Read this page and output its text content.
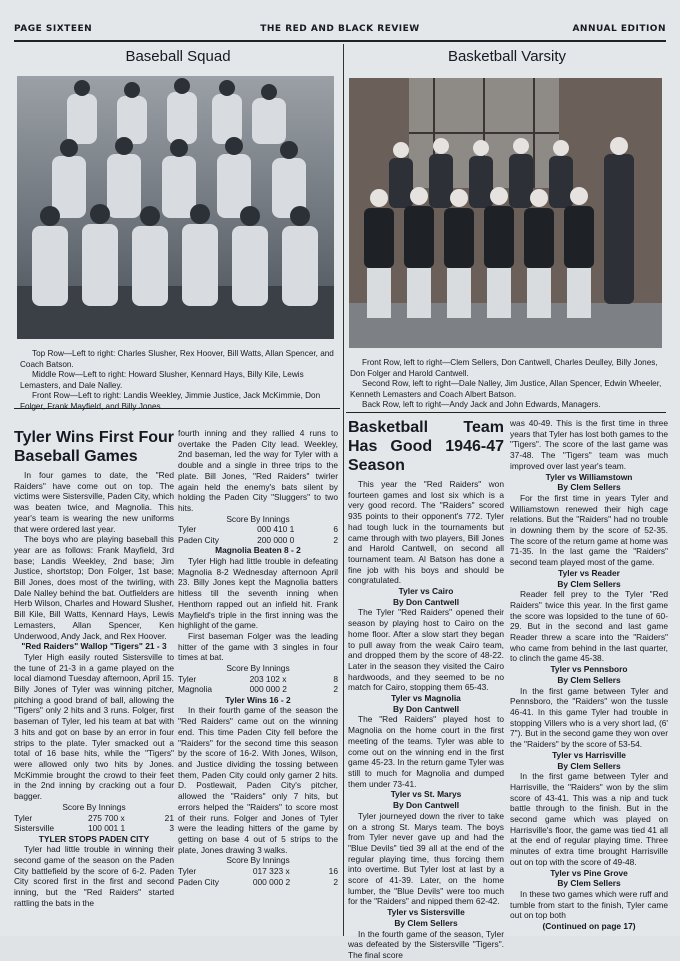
PAGE SIXTEEN	THE RED AND BLACK REVIEW	ANNUAL EDITION
Baseball Squad

Top Row—Left to right: Charles Slusher, Rex Hoover, Bill Watts, Allan Spencer, and Coach Batson.

Middle Row—Left to right: Howard Slusher, Kennard Hays, Billy Kile, Lewis Lemasters, and Dale Nalley.

Front Row—Left to right: Landis Weekley, Jimmie Justice, Jack McKimmie, Don Folger, Frank Mayfield, and Billy Jones.

Basketball Varsity

Front Row, left to right—Clem Sellers, Don Cantwell, Charles Deulley, Billy Jones, Don Folger and Harold Cantwell.

Second Row, left to right—Dale Nalley, Jim Justice, Allan Spencer, Edwin Wheeler, Kenneth Lemasters and Coach Albert Batson.

Back Row, left to right—Andy Jack and John Edwards, Managers.

Tyler Wins First Four Baseball Games

In four games to date, the "Red Raiders" have come out on top. The victims were Sistersville, Paden City, which was beaten twice, and Magnolia. This year's team is wearing the new uniforms that were ordered last year.

The boys who are playing baseball this year are as follows: Frank Mayfield, 3rd base; Landis Weekley, 2nd base; Jim Justice, shortstop; Don Folger, 1st base; Bill Jones, does most of the twirling, with Dale Nalley behind the bat. Outfielders are Herb Wilson, Charles and Howard Slusher, Bill Kile, Bill Watts, Kennard Hays, Lewis Lemasters, Allan Spencer, Ken Underwood, Andy Jack, and Rex Hoover.

"Red Raiders" Wallop "Tigers" 21 - 3

Tyler High easily routed Sistersville to the tune of 21-3 in a game played on the local diamond Tuesday afternoon, April 15. Billy Jones of Tyler was winning pitcher, pitching a good brand of ball, allowing the "Tigers" only 2 hits and 3 runs. Folger, first baseman of Tyler, led his team at bat with 3 hits and got on base by an error in four strips to the plate. Tyler smacked out a total of 16 base hits, while the "Tigers" were allowed only two hits by Jones. McKimmie brought the crowd to their feet in the 2nd inning by cracking out a four bagger.

Score By Innings
Tyler	275 700 x	21
Sistersville	100 001 1	3
TYLER STOPS PADEN CITY

Tyler had little trouble in winning their second game of the season on the Paden City battlefield by the score of 6-2. Paden City scored first in the first and second inning, but the "Red Raiders" started rattling the bats in the

fourth inning and they rallied 4 runs to overtake the Paden City lead. Weekley, 2nd baseman, led the way for Tyler with a double and a single in three trips to the plate. Bill Jones, "Red Raiders" twirler again held the enemy's bats silent by holding the Paden City "Sluggers" to two hits.

Score By Innings
Tyler	000 410 1	6
Paden City	200 000 0	2
Magnolia Beaten 8 - 2

Tyler High had little trouble in defeating Magnolia 8-2 Wednesday afternoon April 23. Billy Jones kept the Magnolia batters hitless till the seventh inning when Henthorn rapped out an infield hit. Frank Mayfield's triple in the first inning was the highlight of the game.

First baseman Folger was the leading hitter of the game with 3 singles in four times at bat.

Score By Innings
Tyler	203 102 x	8
Magnolia	000 000 2	2
Tyler Wins 16 - 2

In their fourth game of the season the "Red Raiders" came out on the winning end. This time Paden City fell before the "Raiders" for the second time this season by the score of 16-2. With Jones, Wilson, and Justice dividing the tossing between them, Paden City could only garner 2 hits. D. Postlewait, Paden City's pitcher, allowed the "Raiders" only 7 hits, but errors helped the "Raiders" to score most of their runs. Folger and Jones of Tyler were the leading hitters of the game by getting on base 4 out of 5 strips to the plate, Jones drawing 3 walks.

Score By Innings
Tyler	017 323 x	16
Paden City	000 000 2	2
Basketball Team Has Good 1946-47 Season

This year the "Red Raiders" won fourteen games and lost six which is a very good record. The "Raiders" scored 935 points to their opponent's 772. Tyler had tough luck in the tournaments but came through with two players, Bill Jones and Harold Cantwell, on second all tournament team. Al Batson has done a fine job with his boys and should be congratulated.

Tyler vs Cairo
By Don Cantwell

The Tyler "Red Raiders" opened their season by playing host to Cairo on the home floor. After a slow start they began to pull away from the weak Cairo team, and dropped them by the score of 48-22. Later in the season they visited the Cairo hardwoods, and they seemed to be no match for Cairo, stopping them 65-43.

Tyler vs Magnolia
By Don Cantwell

The "Red Raiders" played host to Magnolia on the home court in the first meeting of the teams. Tyler was able to come out on the winning end in the first game 45-23. In the return game Tyler was still to much for Magnolia and dumped them under 73-41.

Tyler vs St. Marys
By Don Cantwell

Tyler journeyed down the river to take on a strong St. Marys team. The boys from Tyler never gave up and had the "Blue Devils" tied 39 all at the end of the regular playing time, thus forcing them into overtime. But Tyler lost at last by a score of 41-39. Later, on the home lumber, the "Blue Devils" were too much for the "Raiders" and nipped them 62-42.

Tyler vs Sistersville
By Clem Sellers

In the fourth game of the season, Tyler was defeated by the Sistersville "Tigers". The final score

was 40-49. This is the first time in three years that Tyler has lost both games to the "Tigers". The score of the last game was 37-48. The "Tigers" team was much improved over last year's team.

Tyler vs Williamstown
By Clem Sellers

For the first time in years Tyler and Williamstown renewed their high cage relations. But the "Raiders" had no trouble in downing them by the score of 52-35. The score of the return game at home was 71-35. In the last game the "Raiders" second team played most of the game.

Tyler vs Reader
By Clem Sellers

Reader fell prey to the Tyler "Red Raiders" twice this year. In the first game the score was lopsided to the tune of 60-29. But in the second and last game Reader threw a scare into the "Raiders" who came from behind in the last quarter, to clinch the game 45-38.

Tyler vs Pennsboro
By Clem Sellers

In the first game between Tyler and Pennsboro, the "Raiders" won the tussle 46-41. In this game Tyler had trouble in stopping Villers who is a very short lad, (6' 7"). But in the second game they won over the "Raiders" by the score of 53-54.

Tyler vs Harrisville
By Clem Sellers

In the first game between Tyler and Harrisville, the "Raiders" won by the slim score of 43-41. This was a nip and tuck battle through to the finish. But in the second game which was played on Harrisville's floor, the game was tied 41 all at the end of regular playing time. Three minutes of extra time brought Harrisville out on top with the score of 49-48.

Tyler vs Pine Grove
By Clem Sellers

In these two games which were ruff and tumble from start to the finish, Tyler came out on top both

(Continued on page 17)
